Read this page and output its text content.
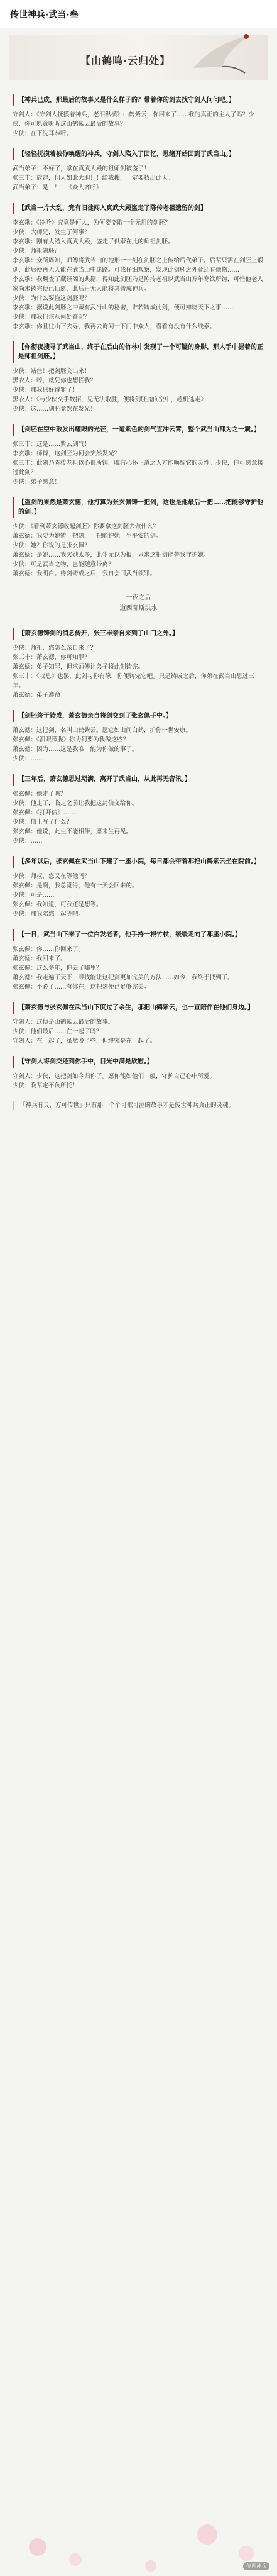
传世神兵·武当·叁
【山鹤鸣·云归处】
【神兵已成，那最后的故事又是什么样子的？带着你的剑去找守剑人问问吧。】

守剑人：《守剑人抚摸着神兵，老泪纵横》山鹤紫云，你回来了……我的真正的主人了吗？少侠，你可愿意听听这山鹤紫云最后的故事？

少侠：在下洗耳恭听。

【轻轻抚摸着被你唤醒的神兵，守剑人陷入了回忆，思绪开始回到了武当山。】

武当弟子：不好了，掌在真武大殿的祖师剑被盗了！

张三丰：放肆，何人如此大胆！！给我搜，一定要找出此人。

武当弟子：是！！！《众人齐呼》

【武当一片大乱，竟有旧徒闯入真武大殿盗走了陈传老祖遗留的剑】

李玄歌：《冷吟》究竟是何人，为何要盗取一个无用的剑胚？

少侠：大师兄，发生了何事？

李玄歌：刚有人潜入真武大殿，盗走了供奉在此的师祖剑胚。

少侠：师祖剑胚？

李玄歌：众所周知，师傅将武当山的地形一一刻在剑胚之上传给后代弟子。后辈只需在剑胚上锻剑，此后便再无人能在武当山中迷路。可我仔细观察，发现此剑胚之外竟还有他物……

李玄歌：我翻查了藏经阁的典籍，得知此剑胚乃是陈抟老祖以武当山万年寒铁所铸，可惜他老人家尚未铸完便已仙逝，此后再无人能将其铸成神兵。

少侠：为什么要盗这剑胚呢？

李玄歌：据说此剑胚之中藏有武当山的秘密，谁若铸成此剑，便可知晓天下之事……

少侠：那我们该从何处查起？

李玄歌：你且往山下去寻，我再去询问一下门中众人，看看有没有什么线索。

【你彻夜搜寻了武当山，终于在后山的竹林中发现了一个可疑的身影，那人手中握着的正是师祖剑胚。】

少侠：站住！把剑胚交出来！

黑衣人：哼，就凭你也想拦我？

少侠：那我只好得罪了！

黑衣人：《与少侠交手数招，见无法取胜，便将剑胚抛向空中，趁机逃走》

少侠：这……剑胚竟然在发光！

【剑胚在空中散发出耀眼的光芒，一道紫色的剑气直冲云霄，整个武当山都为之一震。】

张三丰：这是……紫云剑气！

李玄歌：师傅，这剑胚为何会突然发光？

张三丰：此剑乃陈抟老祖以心血所铸，唯有心怀正道之人方能唤醒它的灵性。少侠，你可愿意接过此剑？

少侠：弟子愿意！

【盗剑的果然是萧玄德，他打算为张玄佩铸一把剑，这也是他最后一把……把能够守护他的剑。】

少侠：《看到萧玄德收起剑胚》你要拿这剑胚去做什么？

萧玄德：我要为她铸一把剑，一把能护她一生平安的剑。

少侠：她？你说的是张玄佩？

萧玄德：是她……我欠她太多，此生无以为报，只求这把剑能替我守护她。

少侠：可是武当之物，岂能随意带离？

萧玄德：我明白。待剑铸成之后，我自会回武当领罪。

一夜之后
道西聊斯洪水
【萧玄德铸剑的消息传开，张三丰亲自来到了山门之外。】

少侠：师祖，您怎么亲自来了？

张三丰：萧玄德，你可知罪？

萧玄德：弟子知罪，但求师傅让弟子将此剑铸完。

张三丰：《叹息》也罢，此剑与你有缘，你便铸完它吧。只是铸成之后，你须在武当山思过三年。

萧玄德：弟子遵命！

【剑胚终于铸成，萧玄德亲自将剑交到了张玄佩手中。】

萧玄德：这把剑，名叫山鹤紫云。愿它如山间白鹤，护你一世安康。

张玄佩：《泪眼朦胧》你为何要为我做这些？

萧玄德：因为……这是我唯一能为你做的事了。

少侠：……

【三年后，萧玄德思过期满，离开了武当山，从此再无音讯。】

张玄佩：他走了吗？

少侠：他走了，临走之前让我把这封信交给你。

张玄佩：《打开信》……

少侠：信上写了什么？

张玄佩：他说，此生不能相伴，愿来生再见。

少侠：……

【多年以后，张玄佩在武当山下建了一座小院，每日都会带着那把山鹤紫云坐在院前。】

少侠：师叔，您又在等他吗？

张玄佩：是啊，我总觉得，他有一天会回来的。

少侠：可是……

张玄佩：我知道，可我还是想等。

少侠：那我陪您一起等吧。

【一日，武当山下来了一位白发老者，他手持一根竹杖，缓缓走向了那座小院。】

张玄佩：你……你回来了。

萧玄德：我回来了。

张玄佩：这么多年，你去了哪里？

萧玄德：我走遍了天下，寻找能让这把剑更加完美的方法……如今，我终于找到了。

张玄佩：不必了……有你在，这把剑便已足够完美。

【萧玄德与张玄佩在武当山下度过了余生，那把山鹤紫云，也一直陪伴在他们身边。】

守剑人：这便是山鹤紫云最后的故事。

少侠：他们最后……在一起了吗？

守剑人：在一起了，虽然晚了些，但终究是在一起了。

【守剑人将剑交还到你手中，目光中满是欣慰。】

守剑人：少侠，这把剑如今归你了。愿你能如他们一般，守护自己心中所爱。

少侠：晚辈定不负所托！

「神兵有灵，方可传世」只有那一个个可歌可泣的故事才是传世神兵真正的灵魂。
传世神兵
